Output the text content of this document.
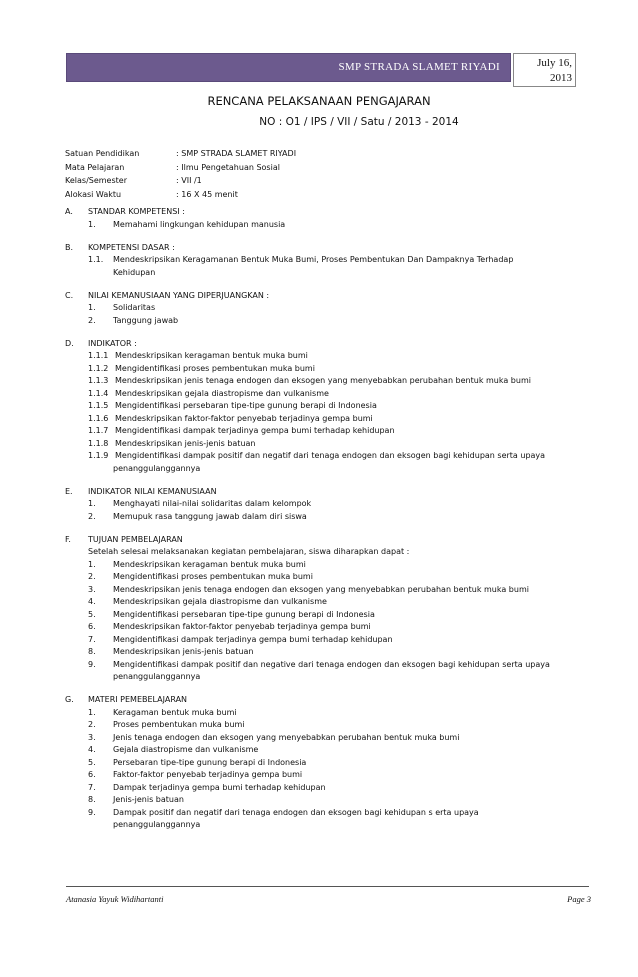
SMP STRADA SLAMET RIYADI	July 16,
2013
RENCANA PELAKSANAAN PENGAJARAN
NO : O1 / IPS / VII / Satu / 2013 - 2014
Satuan Pendidikan	: SMP STRADA SLAMET RIYADI
Mata Pelajaran	: Ilmu Pengetahuan Sosial
Kelas/Semester	: VII /1
Alokasi Waktu	: 16 X 45 menit
A.	STANDAR KOMPETENSI :
1.	Memahami lingkungan kehidupan manusia
B.	KOMPETENSI DASAR :
1.1.	Mendeskripsikan Keragamanan Bentuk Muka Bumi, Proses Pembentukan Dan Dampaknya Terhadap
Kehidupan
C.	NILAI KEMANUSIAAN YANG DIPERJUANGKAN :
1.	Solidaritas
2.	Tanggung jawab
D.	INDIKATOR :
1.1.1 Mendeskripsikan keragaman bentuk muka bumi
1.1.2 Mengidentifikasi proses pembentukan muka bumi
1.1.3 Mendeskripsikan jenis tenaga endogen dan eksogen yang menyebabkan perubahan bentuk muka bumi
1.1.4 Mendeskripsikan gejala diastropisme dan vulkanisme
1.1.5 Mengidentifikasi persebaran tipe-tipe gunung berapi di Indonesia
1.1.6 Mendeskripsikan faktor-faktor penyebab terjadinya gempa bumi
1.1.7 Mengidentifikasi dampak terjadinya gempa bumi terhadap kehidupan
1.1.8 Mendeskripsikan jenis-jenis batuan
1.1.9 Mengidentifikasi dampak positif dan negatif dari tenaga endogen dan eksogen bagi kehidupan serta upaya
penanggulanggannya
E.	INDIKATOR NILAI KEMANUSIAAN
1.	Menghayati nilai-nilai solidaritas dalam kelompok
2.	Memupuk rasa tanggung jawab dalam diri siswa
F.	TUJUAN PEMBELAJARAN
Setelah selesai melaksanakan kegiatan pembelajaran, siswa diharapkan dapat :
1.	Mendeskripsikan keragaman bentuk muka bumi
2.	Mengidentifikasi proses pembentukan muka bumi
3.	Mendeskripsikan jenis tenaga endogen dan eksogen yang menyebabkan perubahan bentuk muka bumi
4.	Mendeskripsikan gejala diastropisme dan vulkanisme
5.	Mengidentifikasi persebaran tipe-tipe gunung berapi di Indonesia
6.	Mendeskripsikan faktor-faktor penyebab terjadinya gempa bumi
7.	Mengidentifikasi dampak terjadinya gempa bumi terhadap kehidupan
8.	Mendeskripsikan jenis-jenis batuan
9.	Mengidentifikasi dampak positif dan negative dari tenaga endogen dan eksogen bagi kehidupan serta upaya
penanggulanggannya
G.	MATERI PEMEBELAJARAN
1.	Keragaman bentuk muka bumi
2.	Proses pembentukan muka bumi
3.	Jenis tenaga endogen dan eksogen yang menyebabkan perubahan bentuk muka bumi
4.	Gejala diastropisme dan vulkanisme
5.	Persebaran tipe-tipe gunung berapi di Indonesia
6.	Faktor-faktor penyebab terjadinya gempa bumi
7.	Dampak terjadinya gempa bumi terhadap kehidupan
8.	Jenis-jenis batuan
9.	Dampak positif dan negatif dari tenaga endogen dan eksogen bagi kehidupan s erta upaya
penanggulanggannya
Atanasia Yayuk Widihartanti	Page 3
